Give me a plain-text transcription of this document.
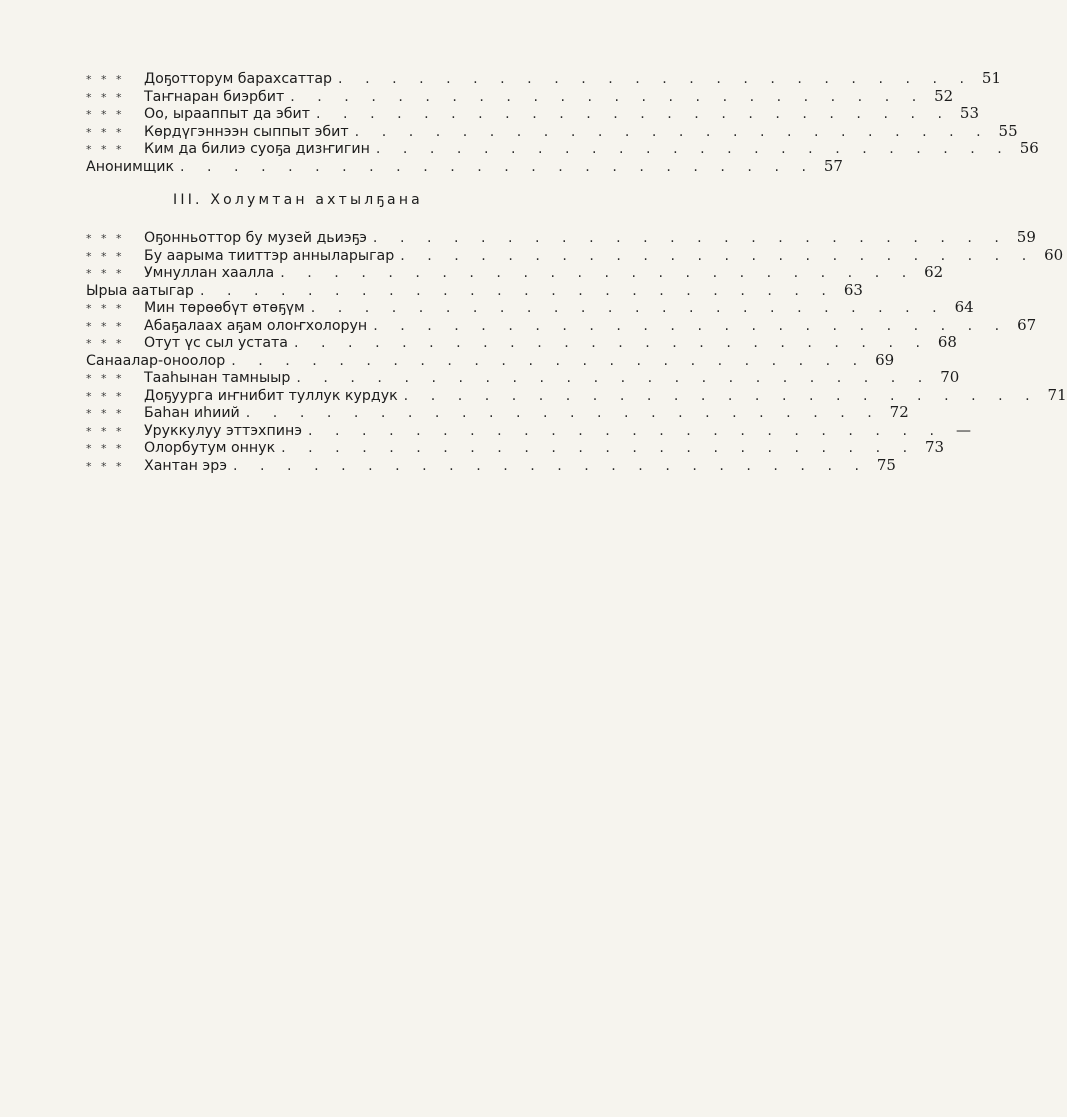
* * *	Доҕотторум барахсаттар . . . . . . . . . . . . . . . . . . . . . . . . 51
* * *	Таҥнаран биэрбит . . . . . . . . . . . . . . . . . . . . . . . . 52
* * *	Оо, ырааппыт да эбит . . . . . . . . . . . . . . . . . . . . . . . . 53
* * *	Көрдүгэннээн сыппыт эбит . . . . . . . . . . . . . . . . . . . . . . . . 55
* * *	Ким да билиэ суоҕа дизҥигин . . . . . . . . . . . . . . . . . . . . . . . . 56
Анонимщик . . . . . . . . . . . . . . . . . . . . . . . . 57
III. Холумтан ахтылҕана
* * *	Оҕонньоттор бу музей дьиэҕэ . . . . . . . . . . . . . . . . . . . . . . . . 59
* * *	Бу аарыма тииттэр анныларыгар . . . . . . . . . . . . . . . . . . . . . . . . 60
* * *	Умнуллан хаалла . . . . . . . . . . . . . . . . . . . . . . . . 62
Ырыа аатыгар . . . . . . . . . . . . . . . . . . . . . . . . 63
* * *	Мин төрөөбүт өтөҕүм . . . . . . . . . . . . . . . . . . . . . . . . 64
* * *	Абаҕалаах аҕам олоҥхолорун . . . . . . . . . . . . . . . . . . . . . . . . 67
* * *	Отут үс сыл устата . . . . . . . . . . . . . . . . . . . . . . . . 68
Санаалар-оноолор . . . . . . . . . . . . . . . . . . . . . . . . 69
* * *	Тааһынан тамныыр . . . . . . . . . . . . . . . . . . . . . . . . 70
* * *	Доҕуурга иҥнибит туллук курдук . . . . . . . . . . . . . . . . . . . . . . . . 71
* * *	Баһан иһиий . . . . . . . . . . . . . . . . . . . . . . . . 72
* * *	Уруккулуу эттэхпинэ . . . . . . . . . . . . . . . . . . . . . . . . —
* * *	Олорбутум оннук . . . . . . . . . . . . . . . . . . . . . . . . 73
* * *	Хантан эрэ . . . . . . . . . . . . . . . . . . . . . . . . 75
